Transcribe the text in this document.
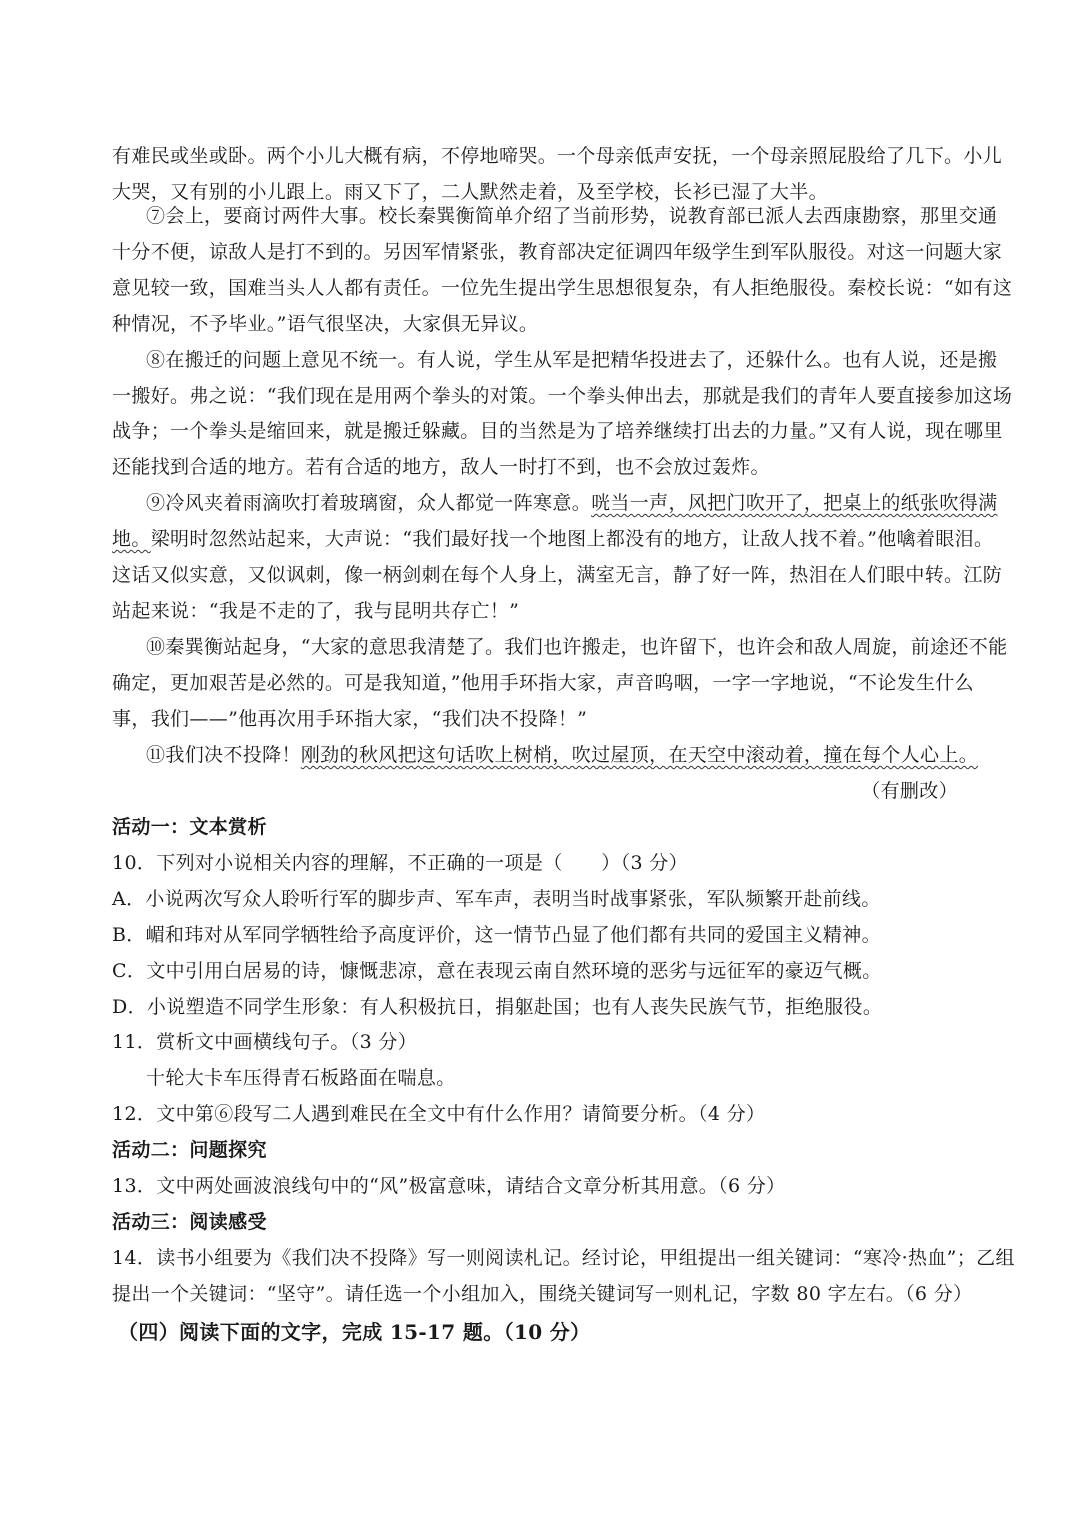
有难民或坐或卧。两个小儿大概有病，不停地啼哭。一个母亲低声安抚，一个母亲照屁股给了几下。小儿
大哭，又有别的小儿跟上。雨又下了，二人默然走着，及至学校，长衫已湿了大半。
⑦会上，要商讨两件大事。校长秦巽衡简单介绍了当前形势，说教育部已派人去西康勘察，那里交通
十分不便，谅敌人是打不到的。另因军情紧张，教育部决定征调四年级学生到军队服役。对这一问题大家
意见较一致，国难当头人人都有责任。一位先生提出学生思想很复杂，有人拒绝服役。秦校长说：“如有这
种情况，不予毕业。”语气很坚决，大家俱无异议。
⑧在搬迁的问题上意见不统一。有人说，学生从军是把精华投进去了，还躲什么。也有人说，还是搬
一搬好。弗之说：“我们现在是用两个拳头的对策。一个拳头伸出去，那就是我们的青年人要直接参加这场
战争；一个拳头是缩回来，就是搬迁躲藏。目的当然是为了培养继续打出去的力量。”又有人说，现在哪里
还能找到合适的地方。若有合适的地方，敌人一时打不到，也不会放过轰炸。
⑨冷风夹着雨滴吹打着玻璃窗，众人都觉一阵寒意。咣当一声，风把门吹开了，把桌上的纸张吹得满
地。梁明时忽然站起来，大声说：“我们最好找一个地图上都没有的地方，让敌人找不着。”他噙着眼泪。
这话又似实意，又似讽刺，像一柄剑刺在每个人身上，满室无言，静了好一阵，热泪在人们眼中转。江防
站起来说：“我是不走的了，我与昆明共存亡！”
⑩秦巽衡站起身，“大家的意思我清楚了。我们也许搬走，也许留下，也许会和敌人周旋，前途还不能
确定，更加艰苦是必然的。可是我知道，”他用手环指大家，声音呜咽，一字一字地说，“不论发生什么
事，我们——”他再次用手环指大家，“我们决不投降！”
⑪我们决不投降！刚劲的秋风把这句话吹上树梢，吹过屋顶，在天空中滚动着，撞在每个人心上。
（有删改）
活动一：文本赏析
10．下列对小说相关内容的理解，不正确的一项是（　　）（3 分）
A．小说两次写众人聆听行军的脚步声、军车声，表明当时战事紧张，军队频繁开赴前线。
B．嵋和玮对从军同学牺牲给予高度评价，这一情节凸显了他们都有共同的爱国主义精神。
C．文中引用白居易的诗，慷慨悲凉，意在表现云南自然环境的恶劣与远征军的豪迈气概。
D．小说塑造不同学生形象：有人积极抗日，捐躯赴国；也有人丧失民族气节，拒绝服役。
11．赏析文中画横线句子。（3 分）
十轮大卡车压得青石板路面在喘息。
12．文中第⑥段写二人遇到难民在全文中有什么作用？请简要分析。（4 分）
活动二：问题探究
13．文中两处画波浪线句中的“风”极富意味，请结合文章分析其用意。（6 分）
活动三：阅读感受
14．读书小组要为《我们决不投降》写一则阅读札记。经讨论，甲组提出一组关键词：“寒冷·热血”；乙组
提出一个关键词：“坚守”。请任选一个小组加入，围绕关键词写一则札记，字数 80 字左右。（6 分）
（四）阅读下面的文字，完成 15-17 题。（10 分）
